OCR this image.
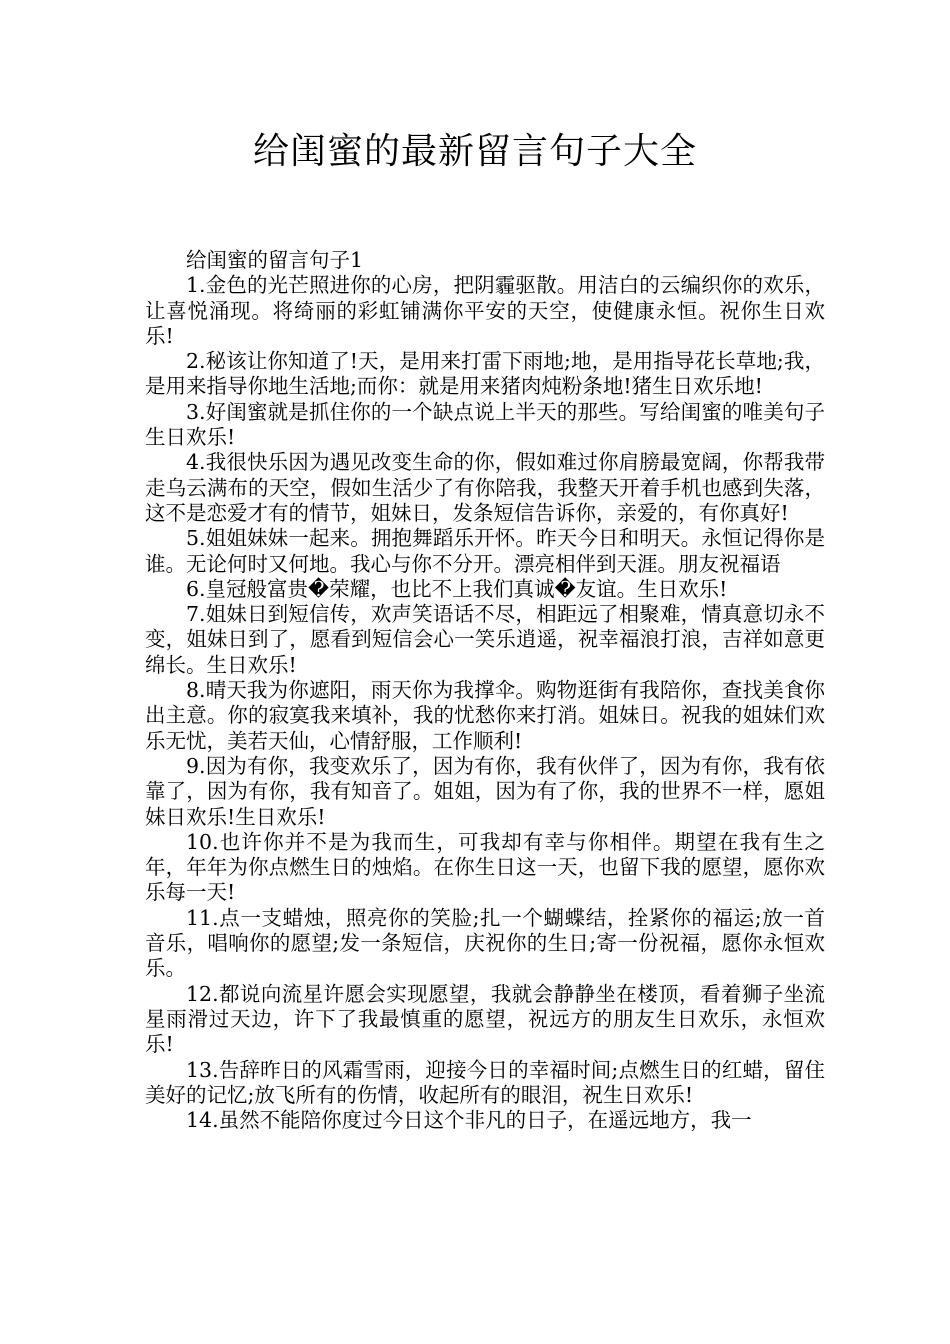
给闺蜜的最新留言句子大全

给闺蜜的留言句子1

1.金色的光芒照进你的心房，把阴霾驱散。用洁白的云编织你的欢乐，让喜悦涌现。将绮丽的彩虹铺满你平安的天空，使健康永恒。祝你生日欢乐!

2.秘该让你知道了!天，是用来打雷下雨地;地，是用指导花长草地;我，是用来指导你地生活地;而你：就是用来猪肉炖粉条地!猪生日欢乐地!

3.好闺蜜就是抓住你的一个缺点说上半天的那些。写给闺蜜的唯美句子生日欢乐!

4.我很快乐因为遇见改变生命的你，假如难过你肩膀最宽阔，你帮我带走乌云满布的天空，假如生活少了有你陪我，我整天开着手机也感到失落，这不是恋爱才有的情节，姐妹日，发条短信告诉你，亲爱的，有你真好!

5.姐姐妹妹一起来。拥抱舞蹈乐开怀。昨天今日和明天。永恒记得你是谁。无论何时又何地。我心与你不分开。漂亮相伴到天涯。朋友祝福语

6.皇冠般富贵�荣耀，也比不上我们真诚�友谊。生日欢乐!

7.姐妹日到短信传，欢声笑语话不尽，相距远了相聚难，情真意切永不变，姐妹日到了，愿看到短信会心一笑乐逍遥，祝幸福浪打浪，吉祥如意更绵长。生日欢乐!

8.晴天我为你遮阳，雨天你为我撑伞。购物逛街有我陪你，查找美食你出主意。你的寂寞我来填补，我的忧愁你来打消。姐妹日。祝我的姐妹们欢乐无忧，美若天仙，心情舒服，工作顺利!

9.因为有你，我变欢乐了，因为有你，我有伙伴了，因为有你，我有依靠了，因为有你，我有知音了。姐姐，因为有了你，我的世界不一样，愿姐妹日欢乐!生日欢乐!

10.也许你并不是为我而生，可我却有幸与你相伴。期望在我有生之年，年年为你点燃生日的烛焰。在你生日这一天，也留下我的愿望，愿你欢乐每一天!

11.点一支蜡烛，照亮你的笑脸;扎一个蝴蝶结，拴紧你的福运;放一首音乐，唱响你的愿望;发一条短信，庆祝你的生日;寄一份祝福，愿你永恒欢乐。

12.都说向流星许愿会实现愿望，我就会静静坐在楼顶，看着狮子坐流星雨滑过天边，许下了我最慎重的愿望，祝远方的朋友生日欢乐，永恒欢乐!

13.告辞昨日的风霜雪雨，迎接今日的幸福时间;点燃生日的红蜡，留住美好的记忆;放飞所有的伤情，收起所有的眼泪，祝生日欢乐!

14.虽然不能陪你度过今日这个非凡的日子，在遥远地方，我一
